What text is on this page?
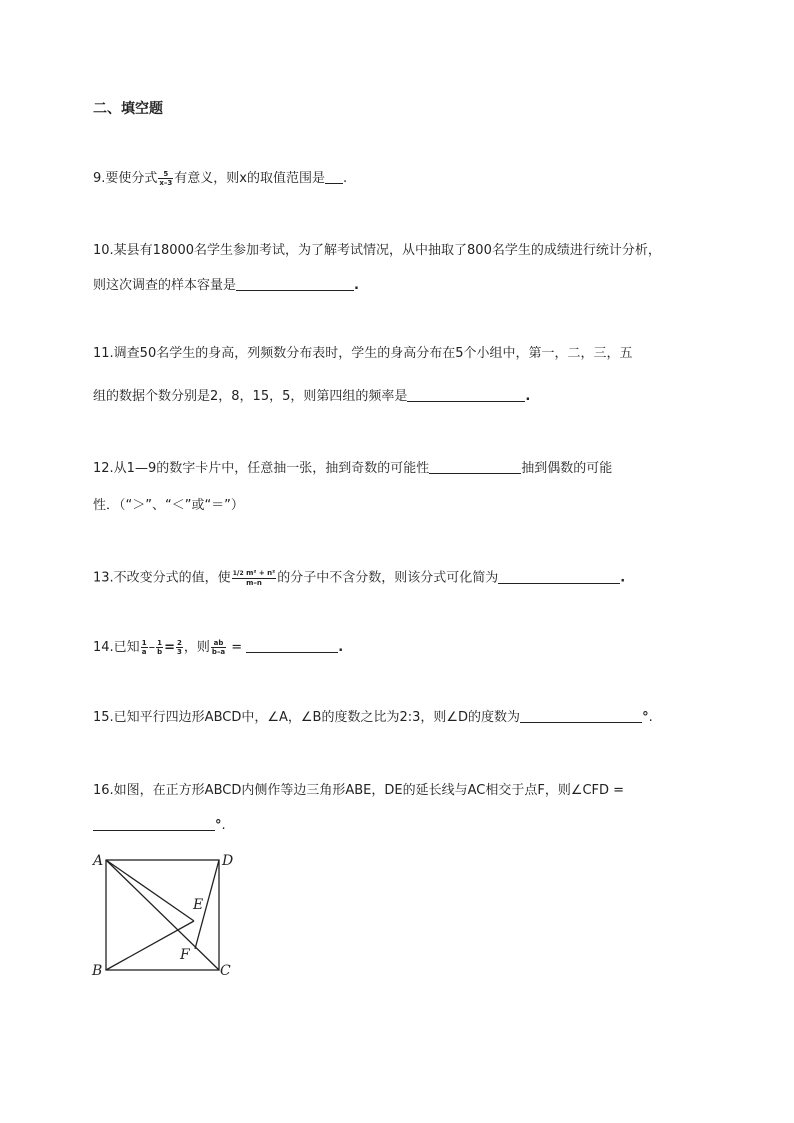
二、填空题
9.要使分式 $\frac{5}{x-3}$ 有意义，则x的取值范围是 .
10.某县有18000名学生参加考试，为了解考试情况，从中抽取了800名学生的成绩进行统计分析，
则这次调查的样本容量是	.
11.调查50名学生的身高，列频数分布表时，学生的身高分布在5个小组中，第一，二，三，五
组的数据个数分别是2，8，15，5，则第四组的频率是	.
12.从1—9的数字卡片中，任意抽一张，抽到奇数的可能性	抽到偶数的可能
性．（“＞”、“＜”或“＝”）
13.不改变分式的值，使 $\frac{\text{1/2 m² + n²}}{m-n}$ 的分子中不含分数，则该分式可化简为	.
14.已知 $\frac{1}{a} - \frac{1}{b} = \frac{2}{3}$ ，则 $\frac{ab}{b-a}$ =	.
15.已知平行四边形ABCD中，∠A，∠B的度数之比为2:3，则∠D的度数为	°.
16.如图，在正方形ABCD内侧作等边三角形ABE，DE的延长线与AC相交于点F，则∠CFD =
°.
A	D
E
F
B	C
